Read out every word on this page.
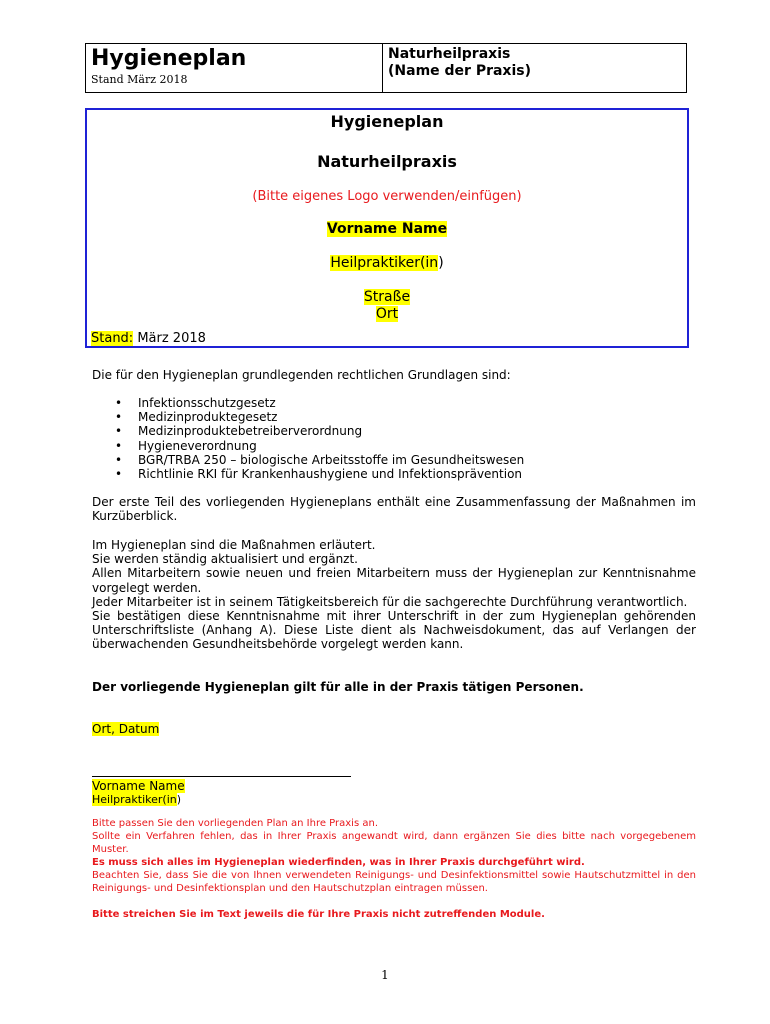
Hygieneplan
Stand März 2018
Naturheilpraxis
(Name der Praxis)
Hygieneplan
Naturheilpraxis
(Bitte eigenes Logo verwenden/einfügen)
Vorname Name
Heilpraktiker(in)
Straße
Ort
Stand: März 2018
Die für den Hygieneplan grundlegenden rechtlichen Grundlagen sind:
• Infektionsschutzgesetz
• Medizinproduktegesetz
• Medizinproduktebetreiberverordnung
• Hygieneverordnung
• BGR/TRBA 250 – biologische Arbeitsstoffe im Gesundheitswesen
• Richtlinie RKI für Krankenhaushygiene und Infektionsprävention
Der erste Teil des vorliegenden Hygieneplans enthält eine Zusammenfassung der Maßnahmen im Kurzüberblick.
Im Hygieneplan sind die Maßnahmen erläutert.
Sie werden ständig aktualisiert und ergänzt.
Allen Mitarbeitern sowie neuen und freien Mitarbeitern muss der Hygieneplan zur Kenntnisnahme vorgelegt werden.
Jeder Mitarbeiter ist in seinem Tätigkeitsbereich für die sachgerechte Durchführung verantwortlich.
Sie bestätigen diese Kenntnisnahme mit ihrer Unterschrift in der zum Hygieneplan gehörenden Unterschriftsliste (Anhang A). Diese Liste dient als Nachweisdokument, das auf Verlangen der überwachenden Gesundheitsbehörde vorgelegt werden kann.
Der vorliegende Hygieneplan gilt für alle in der Praxis tätigen Personen.
Ort, Datum
Vorname Name
Heilpraktiker(in)
Bitte passen Sie den vorliegenden Plan an Ihre Praxis an.
Sollte ein Verfahren fehlen, das in Ihrer Praxis angewandt wird, dann ergänzen Sie dies bitte nach vorgegebenem Muster.
Es muss sich alles im Hygieneplan wiederfinden, was in Ihrer Praxis durchgeführt wird.
Beachten Sie, dass Sie die von Ihnen verwendeten Reinigungs- und Desinfektionsmittel sowie Hautschutzmittel in den Reinigungs- und Desinfektionsplan und den Hautschutzplan eintragen müssen.
Bitte streichen Sie im Text jeweils die für Ihre Praxis nicht zutreffenden Module.
1
